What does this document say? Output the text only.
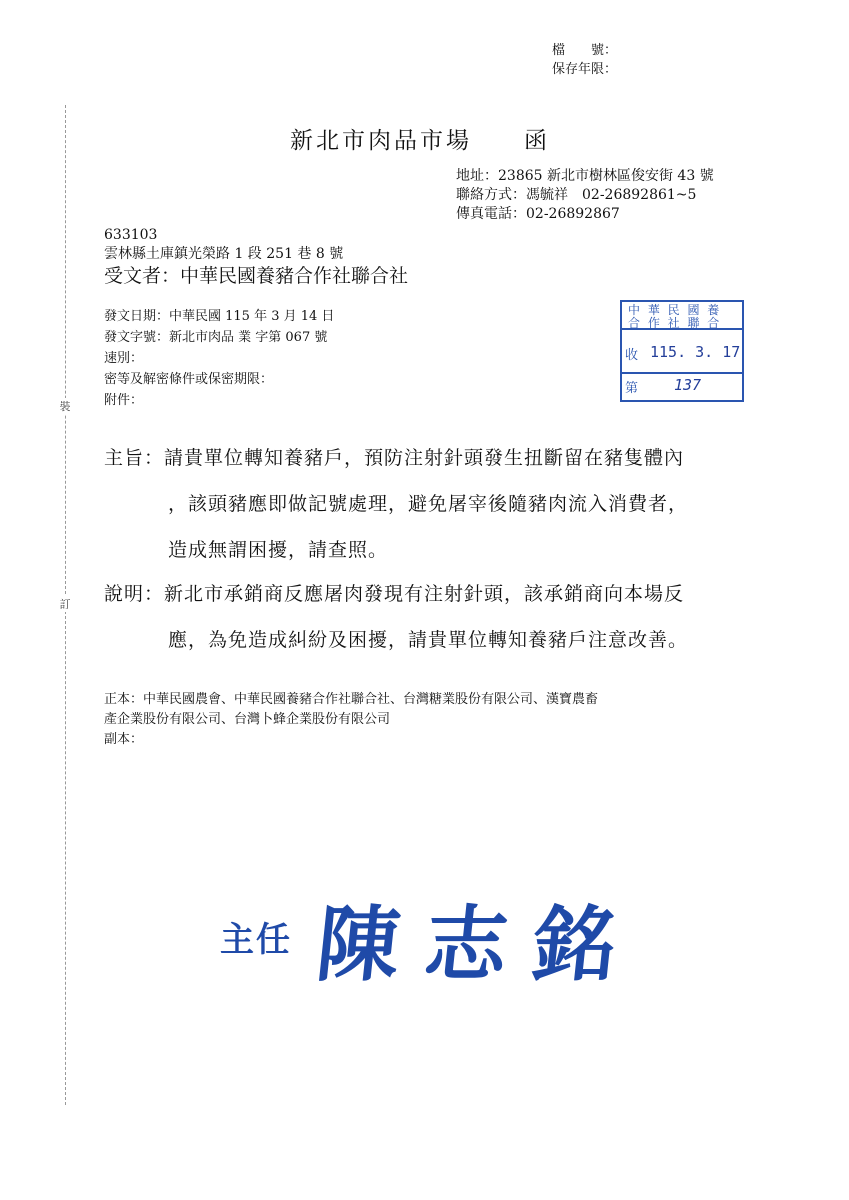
裝
訂
檔　　號：
保存年限：
新北市肉品市場　　函
地址：23865 新北市樹林區俊安街 43 號
聯絡方式：馮毓祥　02-26892861~5
傳真電話：02-26892867
633103
雲林縣土庫鎮光榮路 1 段 251 巷 8 號
受文者：中華民國養豬合作社聯合社
發文日期：中華民國 115 年 3 月 14 日
發文字號：新北市肉品 業 字第 067 號
速別：
密等及解密條件或保密期限：
附件：
中 華 民 國 養
合 作 社 聯 合
收 115. 3. 17
第 137
主旨：請貴單位轉知養豬戶，預防注射針頭發生扭斷留在豬隻體內
，該頭豬應即做記號處理，避免屠宰後隨豬肉流入消費者，
造成無謂困擾，請查照。
說明：新北市承銷商反應屠肉發現有注射針頭，該承銷商向本場反
應，為免造成糾紛及困擾，請貴單位轉知養豬戶注意改善。
正本：中華民國農會、中華民國養豬合作社聯合社、台灣糖業股份有限公司、漢寶農畜
產企業股份有限公司、台灣卜蜂企業股份有限公司
副本：
主任 陳志銘
